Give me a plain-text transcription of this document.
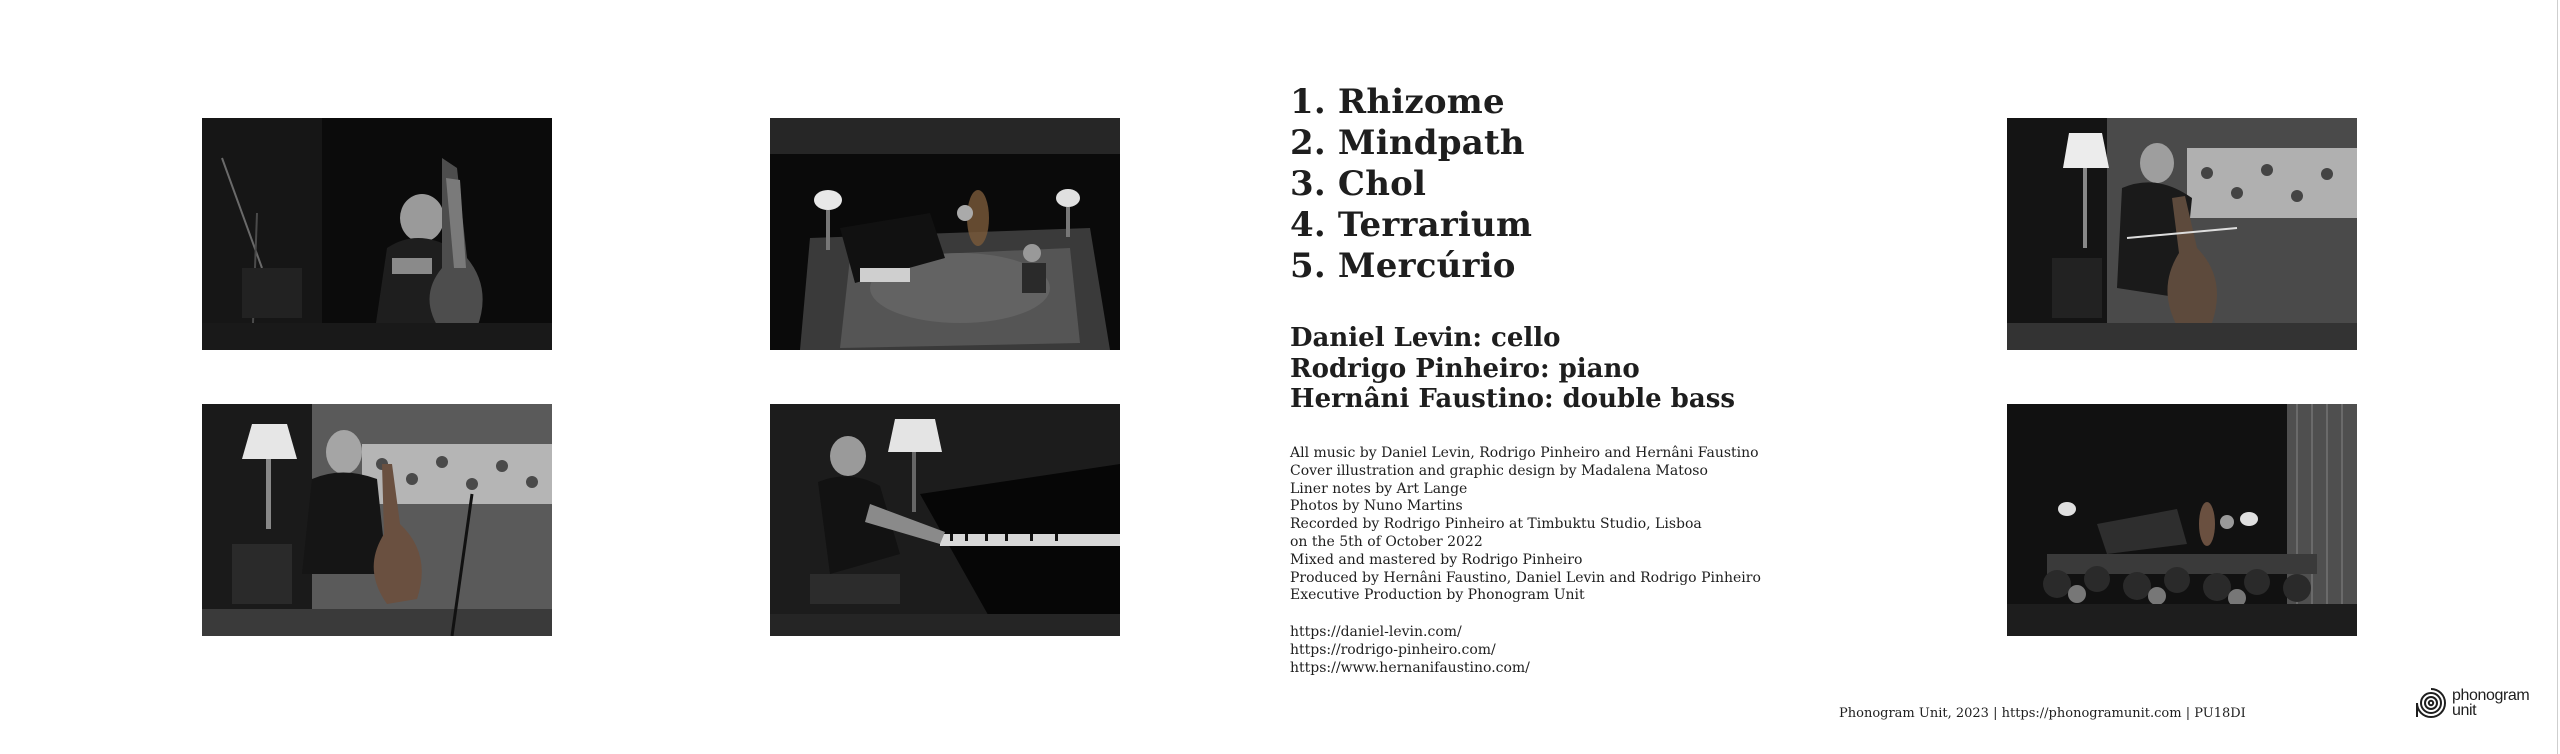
1. Rhizome
2. Mindpath
3. Chol
4. Terrarium
5. Mercúrio
Daniel Levin: cello
Rodrigo Pinheiro: piano
Hernâni Faustino: double bass
All music by Daniel Levin, Rodrigo Pinheiro and Hernâni Faustino
Cover illustration and graphic design by Madalena Matoso
Liner notes by Art Lange
Photos by Nuno Martins
Recorded by Rodrigo Pinheiro at Timbuktu Studio, Lisboa
on the 5th of October 2022
Mixed and mastered by Rodrigo Pinheiro
Produced by Hernâni Faustino, Daniel Levin and Rodrigo Pinheiro
Executive Production by Phonogram Unit
https://daniel-levin.com/
https://rodrigo-pinheiro.com/
https://www.hernanifaustino.com/
Phonogram Unit, 2023 | https://phonogramunit.com | PU18DI
phonogram
unit
